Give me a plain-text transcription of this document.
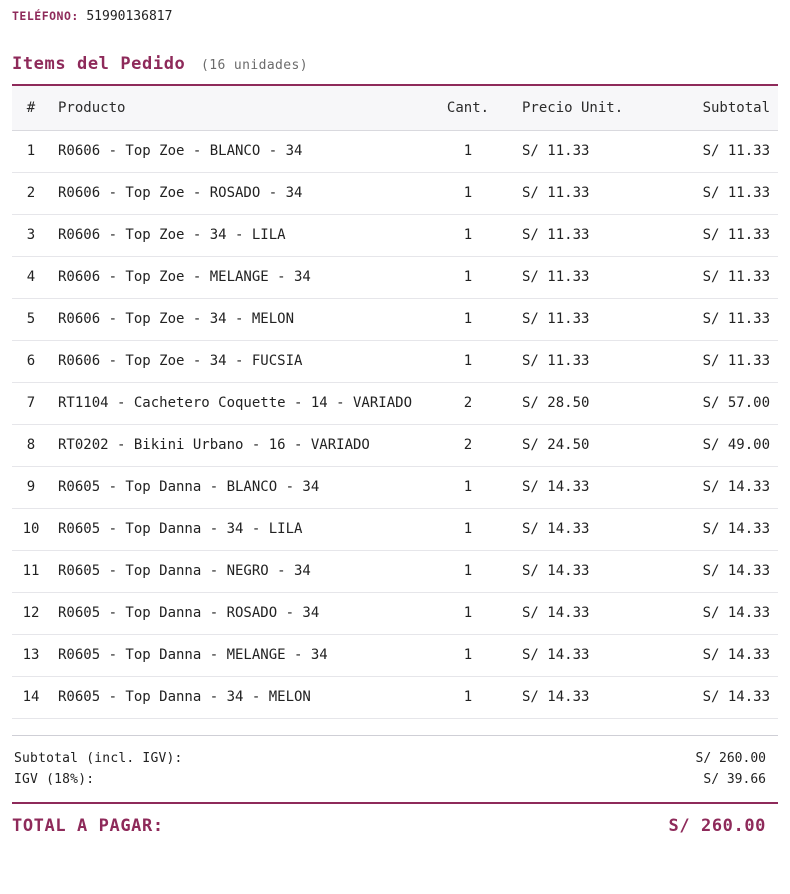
TELÉFONO: 51990136817
Items del Pedido (16 unidades)
#	Producto	Cant.	Precio Unit.	Subtotal
1	R0606 - Top Zoe - BLANCO - 34	1	S/ 11.33	S/ 11.33
2	R0606 - Top Zoe - ROSADO - 34	1	S/ 11.33	S/ 11.33
3	R0606 - Top Zoe - 34 - LILA	1	S/ 11.33	S/ 11.33
4	R0606 - Top Zoe - MELANGE - 34	1	S/ 11.33	S/ 11.33
5	R0606 - Top Zoe - 34 - MELON	1	S/ 11.33	S/ 11.33
6	R0606 - Top Zoe - 34 - FUCSIA	1	S/ 11.33	S/ 11.33
7	RT1104 - Cachetero Coquette - 14 - VARIADO	2	S/ 28.50	S/ 57.00
8	RT0202 - Bikini Urbano - 16 - VARIADO	2	S/ 24.50	S/ 49.00
9	R0605 - Top Danna - BLANCO - 34	1	S/ 14.33	S/ 14.33
10	R0605 - Top Danna - 34 - LILA	1	S/ 14.33	S/ 14.33
11	R0605 - Top Danna - NEGRO - 34	1	S/ 14.33	S/ 14.33
12	R0605 - Top Danna - ROSADO - 34	1	S/ 14.33	S/ 14.33
13	R0605 - Top Danna - MELANGE - 34	1	S/ 14.33	S/ 14.33
14	R0605 - Top Danna - 34 - MELON	1	S/ 14.33	S/ 14.33
Subtotal (incl. IGV):	S/ 260.00
IGV (18%):	S/ 39.66
TOTAL A PAGAR:	S/ 260.00
